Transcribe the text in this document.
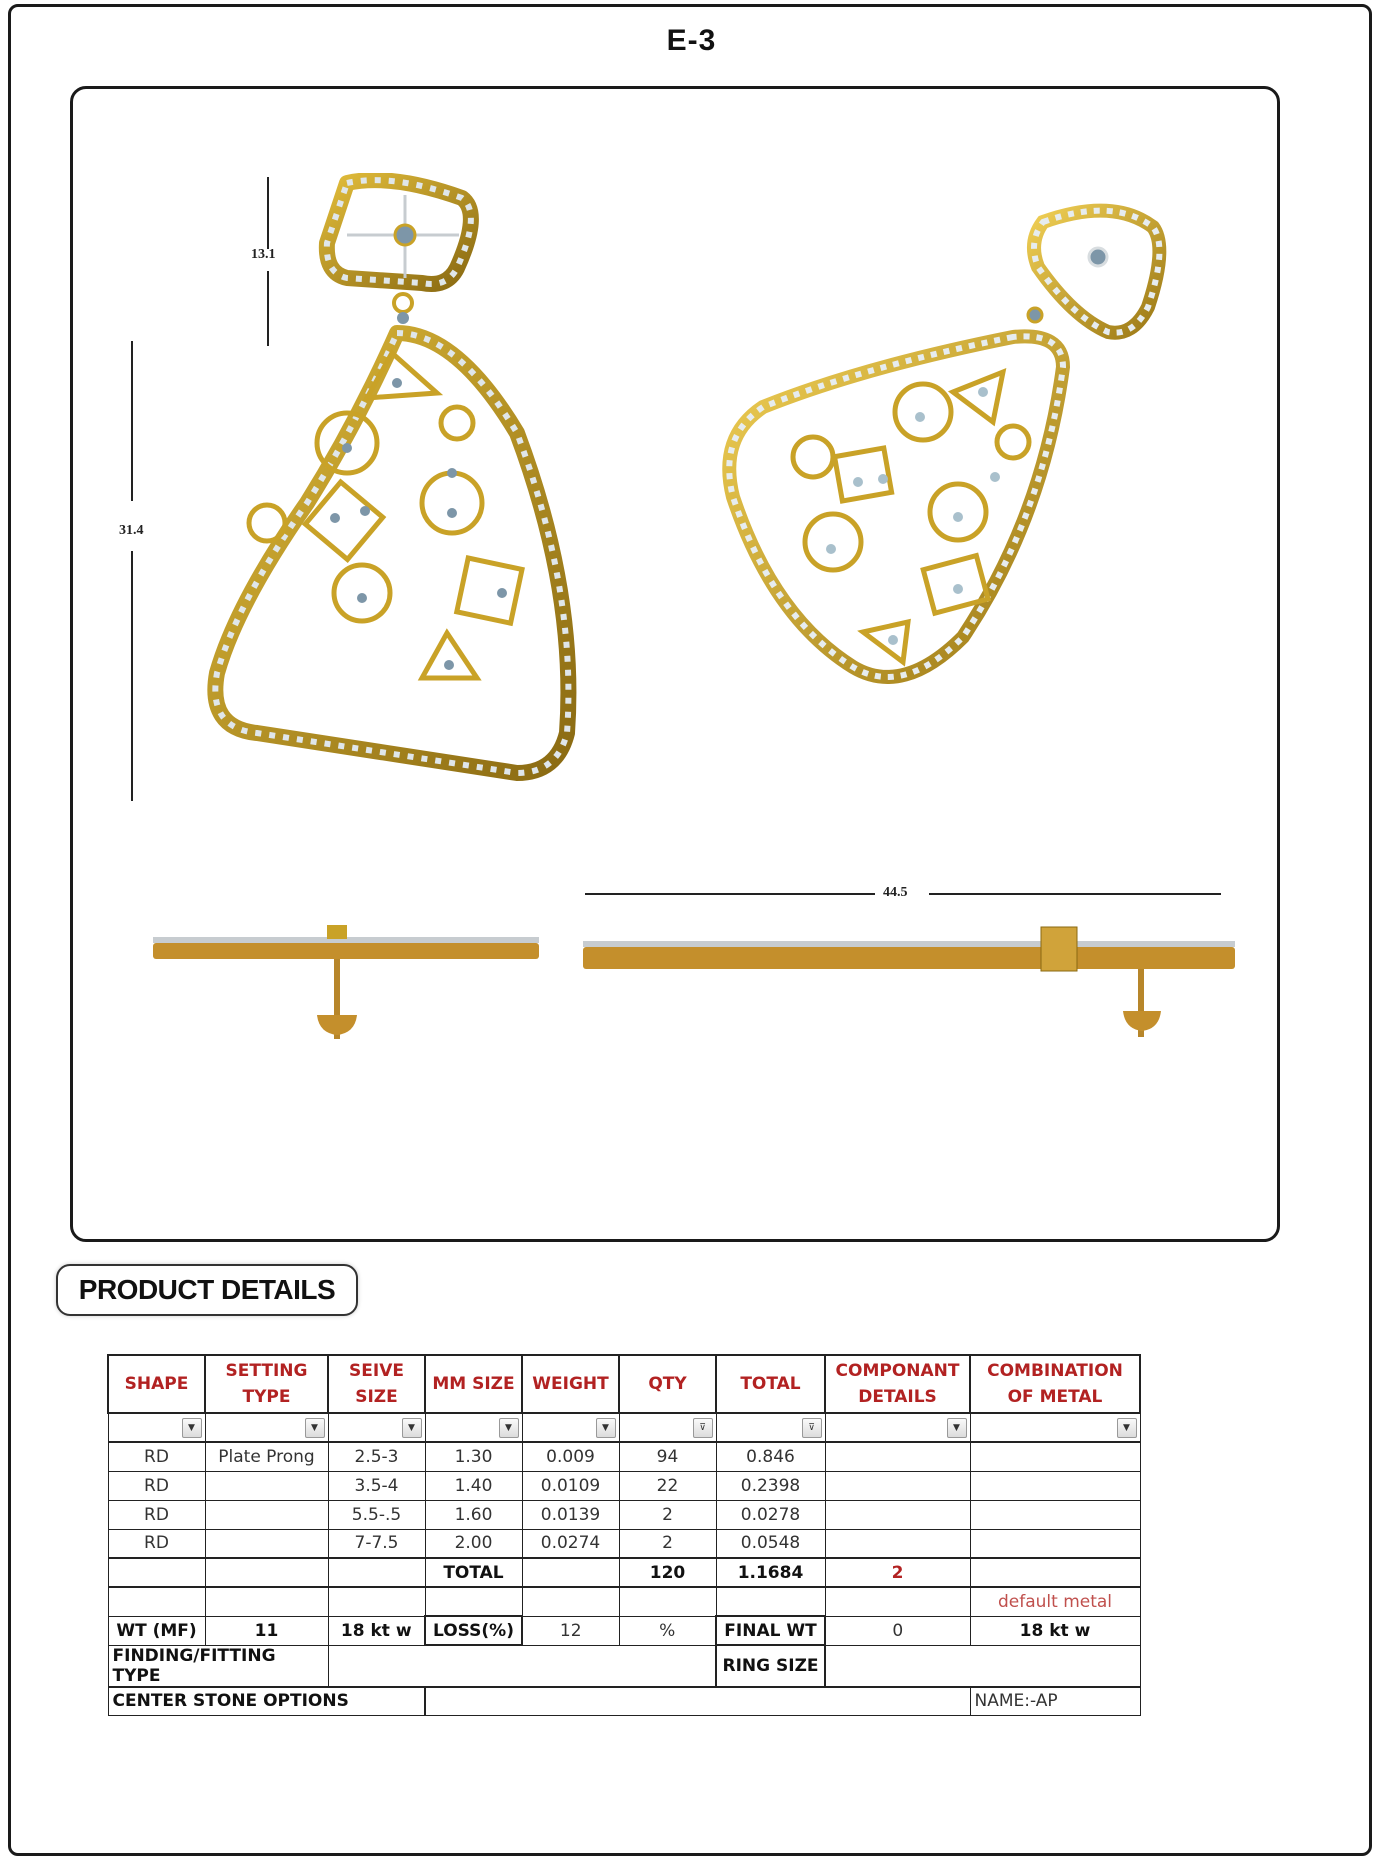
E-3
13.1
31.4
44.5
PRODUCT DETAILS
SHAPE	SETTING TYPE	SEIVE SIZE	MM SIZE	WEIGHT	QTY	TOTAL	COMPONANT DETAILS	COMBINATION OF METAL
▼	▼	▼	▼	▼	⊽	⊽	▼	▼
RD	Plate Prong	2.5-3	1.30	0.009	94	0.846		
RD		3.5-4	1.40	0.0109	22	0.2398		
RD		5.5-.5	1.60	0.0139	2	0.0278		
RD		7-7.5	2.00	0.0274	2	0.0548		
			TOTAL		120	1.1684	2	
								default metal
WT (MF)	11	18 kt w	LOSS(%)	12	%	FINAL WT	0	18 kt w
FINDING/FITTING TYPE						RING SIZE		
CENTER STONE OPTIONS								NAME:-AP
